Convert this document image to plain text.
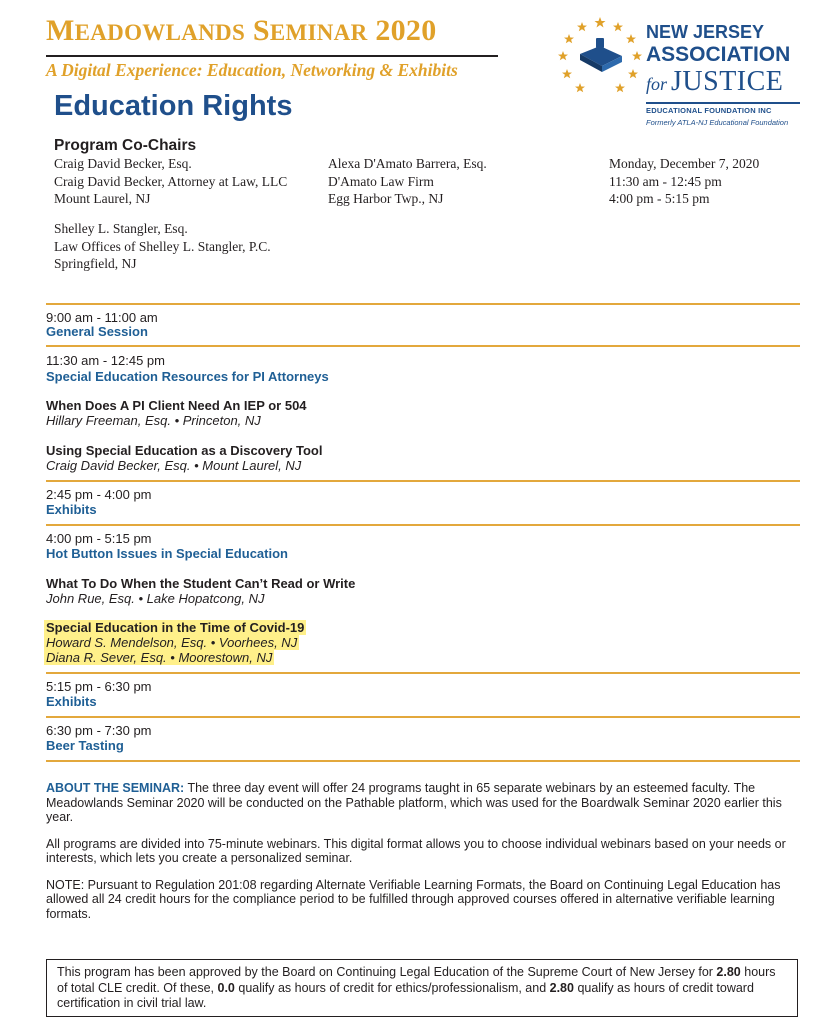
MEADOWLANDS SEMINAR 2020
A Digital Experience: Education, Networking & Exhibits
Education Rights
NEW JERSEY
ASSOCIATION
for JUSTICE
EDUCATIONAL FOUNDATION INC
Formerly ATLA-NJ Educational Foundation
Program Co-Chairs
Craig David Becker, Esq.
Craig David Becker, Attorney at Law, LLC
Mount Laurel, NJ
Alexa D'Amato Barrera, Esq.
D'Amato Law Firm
Egg Harbor Twp., NJ
Monday, December 7, 2020
11:30 am - 12:45 pm
4:00 pm - 5:15 pm
Shelley L. Stangler, Esq.
Law Offices of Shelley L. Stangler, P.C.
Springfield, NJ
9:00 am - 11:00 am
General Session
11:30 am - 12:45 pm
Special Education Resources for PI Attorneys
When Does A PI Client Need An IEP or 504
Hillary Freeman, Esq. • Princeton, NJ
Using Special Education as a Discovery Tool
Craig David Becker, Esq. • Mount Laurel, NJ
2:45 pm - 4:00 pm
Exhibits
4:00 pm - 5:15 pm
Hot Button Issues in Special Education
What To Do When the Student Can’t Read or Write
John Rue, Esq. • Lake Hopatcong, NJ
Special Education in the Time of Covid-19
Howard S. Mendelson, Esq. • Voorhees, NJ
Diana R. Sever, Esq. • Moorestown, NJ
5:15 pm - 6:30 pm
Exhibits
6:30 pm - 7:30 pm
Beer Tasting

ABOUT THE SEMINAR: The three day event will offer 24 programs taught in 65 separate webinars by an esteemed faculty. The Meadowlands Seminar 2020 will be conducted on the Pathable platform, which was used for the Boardwalk Seminar 2020 earlier this year.

All programs are divided into 75-minute webinars. This digital format allows you to choose individual webinars based on your needs or interests, which lets you create a personalized seminar.

NOTE: Pursuant to Regulation 201:08 regarding Alternate Verifiable Learning Formats, the Board on Continuing Legal Education has allowed all 24 credit hours for the compliance period to be fulfilled through approved courses offered in alternative verifiable learning formats.

This program has been approved by the Board on Continuing Legal Education of the Supreme Court of New Jersey for 2.80 hours of total CLE credit. Of these, 0.0 qualify as hours of credit for ethics/professionalism, and 2.80 qualify as hours of credit toward certification in civil trial law.
